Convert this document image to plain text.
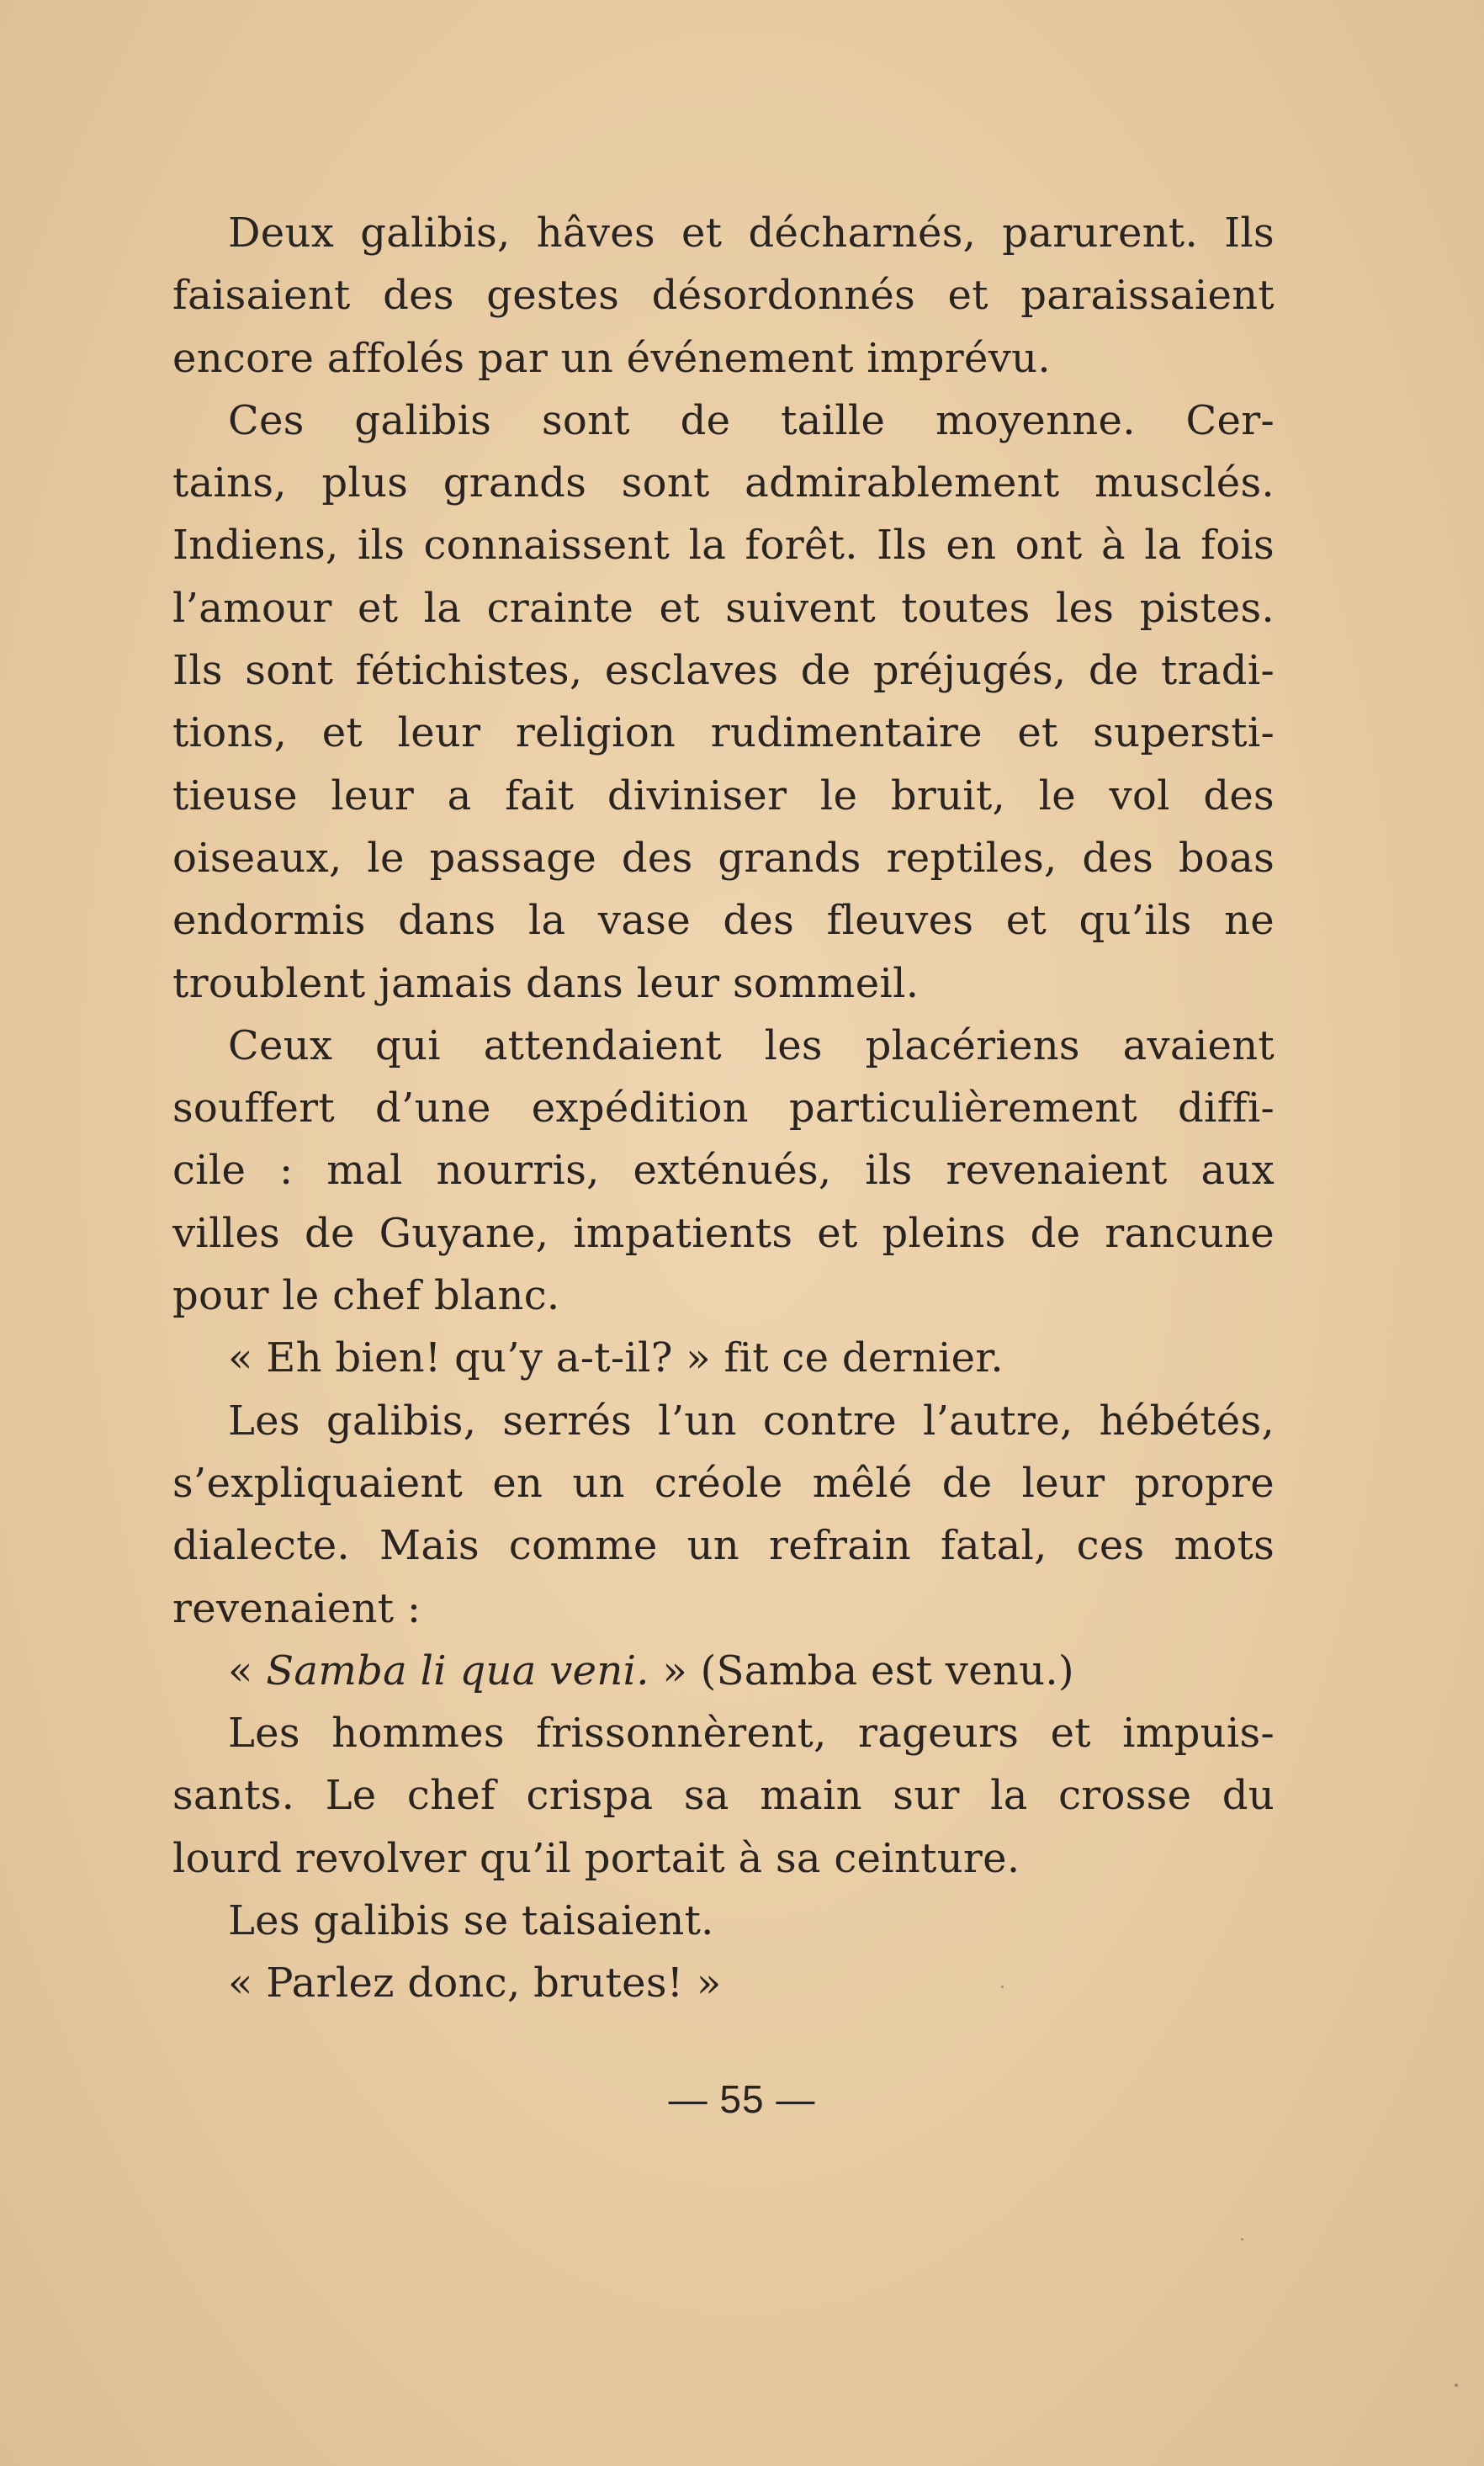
Deux galibis, hâves et décharnés, parurent. Ils
faisaient des gestes désordonnés et paraissaient
encore affolés par un événement imprévu.
Ces galibis sont de taille moyenne. Cer-
tains, plus grands sont admirablement musclés.
Indiens, ils connaissent la forêt. Ils en ont à la fois
l’amour et la crainte et suivent toutes les pistes.
Ils sont fétichistes, esclaves de préjugés, de tradi-
tions, et leur religion rudimentaire et supersti-
tieuse leur a fait diviniser le bruit, le vol des
oiseaux, le passage des grands reptiles, des boas
endormis dans la vase des fleuves et qu’ils ne
troublent jamais dans leur sommeil.
Ceux qui attendaient les placériens avaient
souffert d’une expédition particulièrement diffi-
cile : mal nourris, exténués, ils revenaient aux
villes de Guyane, impatients et pleins de rancune
pour le chef blanc.
« Eh bien! qu’y a-t-il? » fit ce dernier.
Les galibis, serrés l’un contre l’autre, hébétés,
s’expliquaient en un créole mêlé de leur propre
dialecte. Mais comme un refrain fatal, ces mots
revenaient :
« Samba li qua veni. » (Samba est venu.)
Les hommes frissonnèrent, rageurs et impuis-
sants. Le chef crispa sa main sur la crosse du
lourd revolver qu’il portait à sa ceinture.
Les galibis se taisaient.
« Parlez donc, brutes! »
— 55 —
